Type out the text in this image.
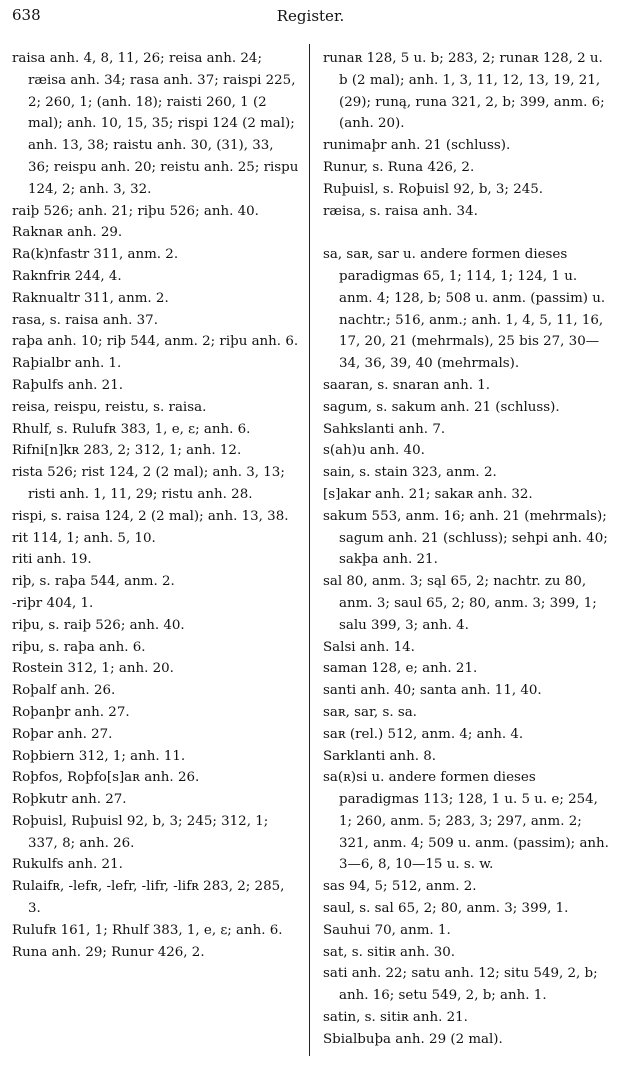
638	Register.

raisa anh. 4, 8, 11, 26; reisa anh. 24; ræisa anh. 34; rasa anh. 37; raispi 225, 2; 260, 1; (anh. 18); raisti 260, 1 (2 mal); anh. 10, 15, 35; rispi 124 (2 mal); anh. 13, 38; raistu anh. 30, (31), 33, 36; reispu anh. 20; reistu anh. 25; rispu 124, 2; anh. 3, 32.

raiþ 526; anh. 21; riþu 526; anh. 40.

Raknaʀ anh. 29.

Ra(k)nfastr 311, anm. 2.

Raknfriʀ 244, 4.

Raknualtr 311, anm. 2.

rasa, s. raisa anh. 37.

raþa anh. 10; riþ 544, anm. 2; riþu anh. 6.

Raþialbr anh. 1.

Raþulfs anh. 21.

reisa, reispu, reistu, s. raisa.

Rhulf, s. Rulufʀ 383, 1, e, ε; anh. 6.

Rifni[n]kʀ 283, 2; 312, 1; anh. 12.

rista 526; rist 124, 2 (2 mal); anh. 3, 13; risti anh. 1, 11, 29; ristu anh. 28.

rispi, s. raisa 124, 2 (2 mal); anh. 13, 38.

rit 114, 1; anh. 5, 10.

riti anh. 19.

riþ, s. raþa 544, anm. 2.

-riþr 404, 1.

riþu, s. raiþ 526; anh. 40.

riþu, s. raþa anh. 6.

Rostein 312, 1; anh. 20.

Roþalf anh. 26.

Roþanþr anh. 27.

Roþar anh. 27.

Roþbiern 312, 1; anh. 11.

Roþfos, Roþfo[s]aʀ anh. 26.

Roþkutr anh. 27.

Roþuisl, Ruþuisl 92, b, 3; 245; 312, 1; 337, 8; anh. 26.

Rukulfs anh. 21.

Rulaifʀ, -lefʀ, -lefr, -lifr, -lifʀ 283, 2; 285, 3.

Rulufʀ 161, 1; Rhulf 383, 1, e, ε; anh. 6.

Runa anh. 29; Runur 426, 2.

runaʀ 128, 5 u. b; 283, 2; runaʀ 128, 2 u. b (2 mal); anh. 1, 3, 11, 12, 13, 19, 21, (29); runą, runa 321, 2, b; 399, anm. 6; (anh. 20).

runimaþr anh. 21 (schluss).

Runur, s. Runa 426, 2.

Ruþuisl, s. Roþuisl 92, b, 3; 245.

ræisa, s. raisa anh. 34.

sa, saʀ, sar u. andere formen dieses paradigmas 65, 1; 114, 1; 124, 1 u. anm. 4; 128, b; 508 u. anm. (passim) u. nachtr.; 516, anm.; anh. 1, 4, 5, 11, 16, 17, 20, 21 (mehrmals), 25 bis 27, 30—34, 36, 39, 40 (mehrmals).

saaran, s. snaran anh. 1.

sagum, s. sakum anh. 21 (schluss).

Sahkslanti anh. 7.

s(ah)u anh. 40.

sain, s. stain 323, anm. 2.

[s]akar anh. 21; sakaʀ anh. 32.

sakum 553, anm. 16; anh. 21 (mehrmals); sagum anh. 21 (schluss); sehpi anh. 40; sakþa anh. 21.

sal 80, anm. 3; sąl 65, 2; nachtr. zu 80, anm. 3; saul 65, 2; 80, anm. 3; 399, 1; salu 399, 3; anh. 4.

Salsi anh. 14.

saman 128, e; anh. 21.

santi anh. 40; santa anh. 11, 40.

saʀ, sar, s. sa.

saʀ (rel.) 512, anm. 4; anh. 4.

Sarklanti anh. 8.

sa(ʀ)si u. andere formen dieses paradigmas 113; 128, 1 u. 5 u. e; 254, 1; 260, anm. 5; 283, 3; 297, anm. 2; 321, anm. 4; 509 u. anm. (passim); anh. 3—6, 8, 10—15 u. s. w.

sas 94, 5; 512, anm. 2.

saul, s. sal 65, 2; 80, anm. 3; 399, 1.

Sauhui 70, anm. 1.

sat, s. sitiʀ anh. 30.

sati anh. 22; satu anh. 12; situ 549, 2, b; anh. 16; setu 549, 2, b; anh. 1.

satin, s. sitiʀ anh. 21.

Sbialbuþa anh. 29 (2 mal).
